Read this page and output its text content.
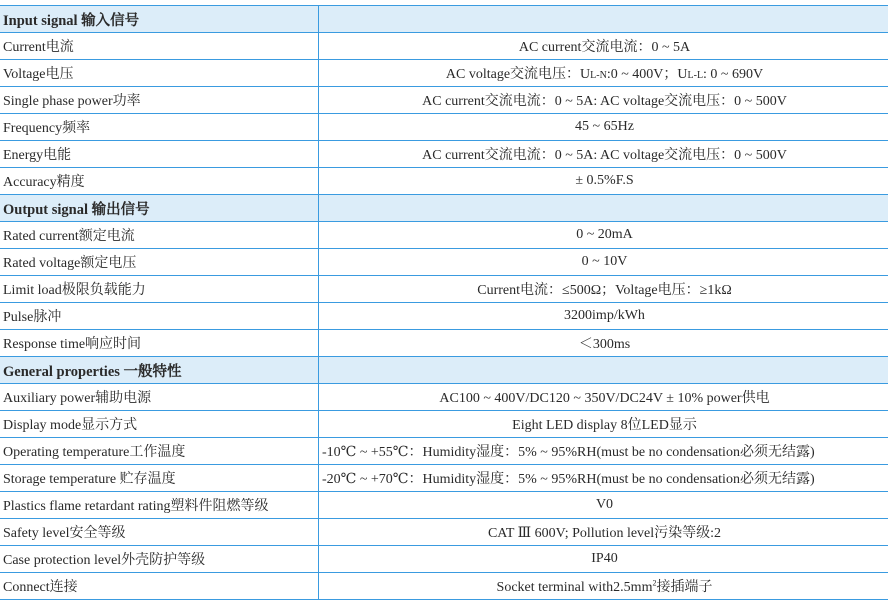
Input signal 输入信号	
Current电流	AC current交流电流：0 ~ 5A
Voltage电压	AC voltage交流电压：UL-N:0 ~ 400V；UL-L: 0 ~ 690V
Single phase power功率	AC current交流电流：0 ~ 5A: AC voltage交流电压：0 ~ 500V
Frequency频率	45 ~ 65Hz
Energy电能	AC current交流电流：0 ~ 5A: AC voltage交流电压：0 ~ 500V
Accuracy精度	± 0.5%F.S
Output signal 输出信号	
Rated current额定电流	0 ~ 20mA
Rated voltage额定电压	0 ~ 10V
Limit load极限负载能力	Current电流：≤500Ω；Voltage电压：≥1kΩ
Pulse脉冲	3200imp/kWh
Response time响应时间	＜300ms
General properties 一般特性	
Auxiliary power辅助电源	AC100 ~ 400V/DC120 ~ 350V/DC24V ± 10% power供电
Display mode显示方式	Eight LED display 8位LED显示
Operating temperature工作温度	-10℃ ~ +55℃：Humidity湿度：5% ~ 95%RH(must be no condensation必须无结露)
Storage temperature 贮存温度	-20℃ ~ +70℃：Humidity湿度：5% ~ 95%RH(must be no condensation必须无结露)
Plastics flame retardant rating塑料件阻燃等级	V0
Safety level安全等级	CAT Ⅲ 600V; Pollution level污染等级:2
Case protection level外壳防护等级	IP40
Connect连接	Socket terminal $with2.5mm^2$接插端子
